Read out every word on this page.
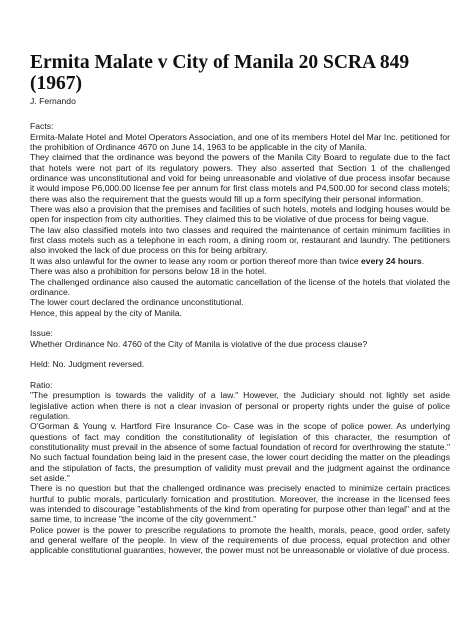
Ermita Malate v City of Manila 20 SCRA 849 (1967)

J. Fernando

Facts:

Ermita-Malate Hotel and Motel Operators Association, and one of its members Hotel del Mar Inc. petitioned for the prohibition of Ordinance 4670 on June 14, 1963 to be applicable in the city of Manila.

They claimed that the ordinance was beyond the powers of the Manila City Board to regulate due to the fact that hotels were not part of its regulatory powers. They also asserted that Section 1 of the challenged ordinance was unconstitutional and void for being unreasonable and violative of due process insofar because it would impose P6,000.00 license fee per annum for first class motels and P4,500.00 for second class motels; there was also the requirement that the guests would fill up a form specifying their personal information.

There was also a provision that the premises and facilities of such hotels, motels and lodging houses would be open for inspection from city authorities. They claimed this to be violative of due process for being vague.

The law also classified motels into two classes and required the maintenance of certain minimum facilities in first class motels such as a telephone in each room, a dining room or, restaurant and laundry. The petitioners also invoked the lack of due process on this for being arbitrary.

It was also unlawful for the owner to lease any room or portion thereof more than twice every 24 hours.

There was also a prohibition for persons below 18 in the hotel.

The challenged ordinance also caused the automatic cancellation of the license of the hotels that violated the ordinance.

The lower court declared the ordinance unconstitutional.

Hence, this appeal by the city of Manila.

Issue:

Whether Ordinance No. 4760 of the City of Manila is violative of the due process clause?

Held: No. Judgment reversed.

Ratio:

"The presumption is towards the validity of a law." However, the Judiciary should not lightly set aside legislative action when there is not a clear invasion of personal or property rights under the guise of police regulation.

O'Gorman & Young v. Hartford Fire Insurance Co- Case was in the scope of police power. As underlying questions of fact may condition the constitutionality of legislation of this character, the resumption of constitutionality must prevail in the absence of some factual foundation of record for overthrowing the statute." No such factual foundation being laid in the present case, the lower court deciding the matter on the pleadings and the stipulation of facts, the presumption of validity must prevail and the judgment against the ordinance set aside."

There is no question but that the challenged ordinance was precisely enacted to minimize certain practices hurtful to public morals, particularly fornication and prostitution. Moreover, the increase in the licensed fees was intended to discourage "establishments of the kind from operating for purpose other than legal" and at the same time, to increase "the income of the city government."

Police power is the power to prescribe regulations to promote the health, morals, peace, good order, safety and general welfare of the people. In view of the requirements of due process, equal protection and other applicable constitutional guaranties, however, the power must not be unreasonable or violative of due process.
